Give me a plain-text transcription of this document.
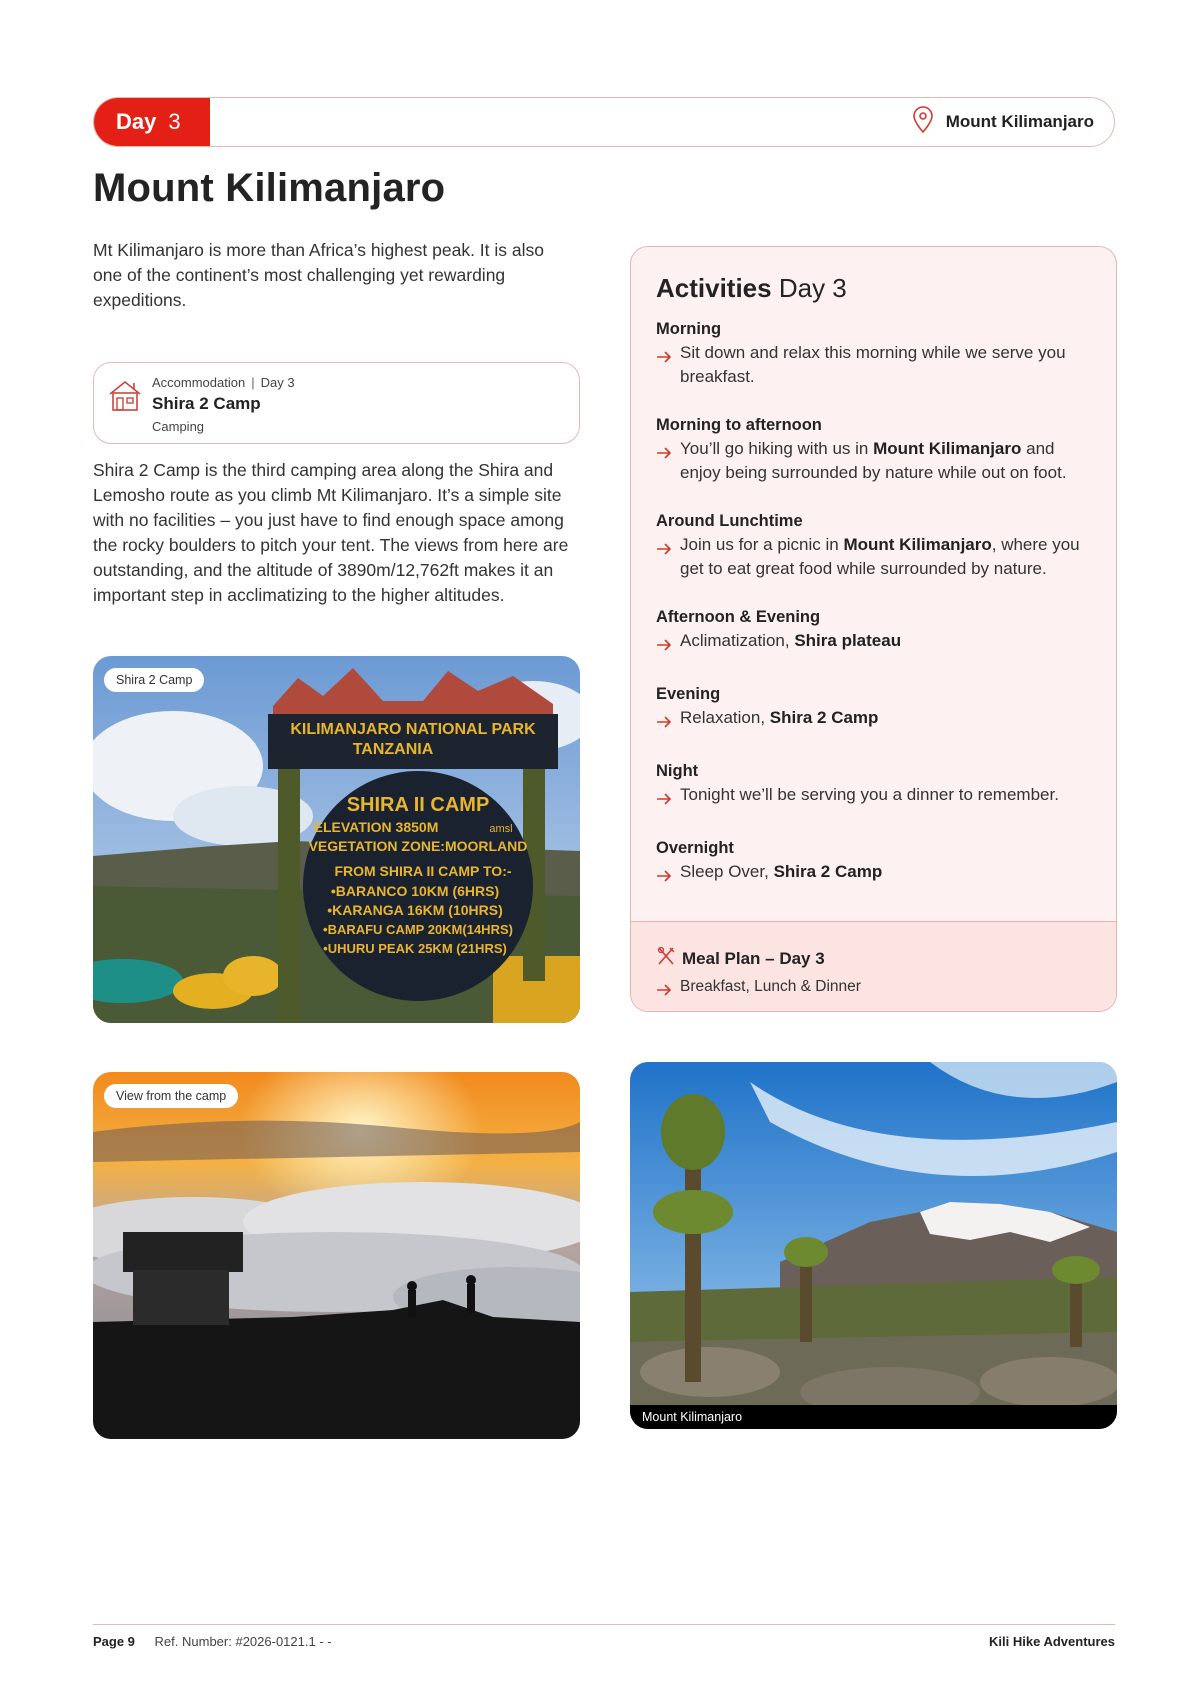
Day 3	Mount Kilimanjaro
Mount Kilimanjaro
Mt Kilimanjaro is more than Africa’s highest peak. It is also one of the continent’s most challenging yet rewarding expeditions.
Accommodation | Day 3
Shira 2 Camp
Camping
Shira 2 Camp is the third camping area along the Shira and Lemosho route as you climb Mt Kilimanjaro. It’s a simple site with no facilities – you just have to find enough space among the rocky boulders to pitch your tent. The views from here are outstanding, and the altitude of 3890m/12,762ft makes it an important step in acclimatizing to the higher altitudes.
Activities Day 3
Morning
Sit down and relax this morning while we serve you breakfast.
Morning to afternoon
You’ll go hiking with us in Mount Kilimanjaro and enjoy being surrounded by nature while out on foot.
Around Lunchtime
Join us for a picnic in Mount Kilimanjaro, where you get to eat great food while surrounded by nature.
Afternoon & Evening
Aclimatization, Shira plateau
Evening
Relaxation, Shira 2 Camp
Night
Tonight we’ll be serving you a dinner to remember.
Overnight
Sleep Over, Shira 2 Camp
Meal Plan – Day 3
Breakfast, Lunch & Dinner
KILIMANJARO NATIONAL PARK
TANZANIA
SHIRA II CAMP
ELEVATION 3850M	amsl
VEGETATION ZONE:MOORLAND
FROM SHIRA II CAMP TO:-
•BARANCO 10KM (6HRS)
•KARANGA 16KM (10HRS)
•BARAFU CAMP 20KM(14HRS)
•UHURU PEAK 25KM (21HRS)
Shira 2 Camp
View from the camp
Mount Kilimanjaro
Page 9 Ref. Number: #2026-0121.1 - -	Kili Hike Adventures
